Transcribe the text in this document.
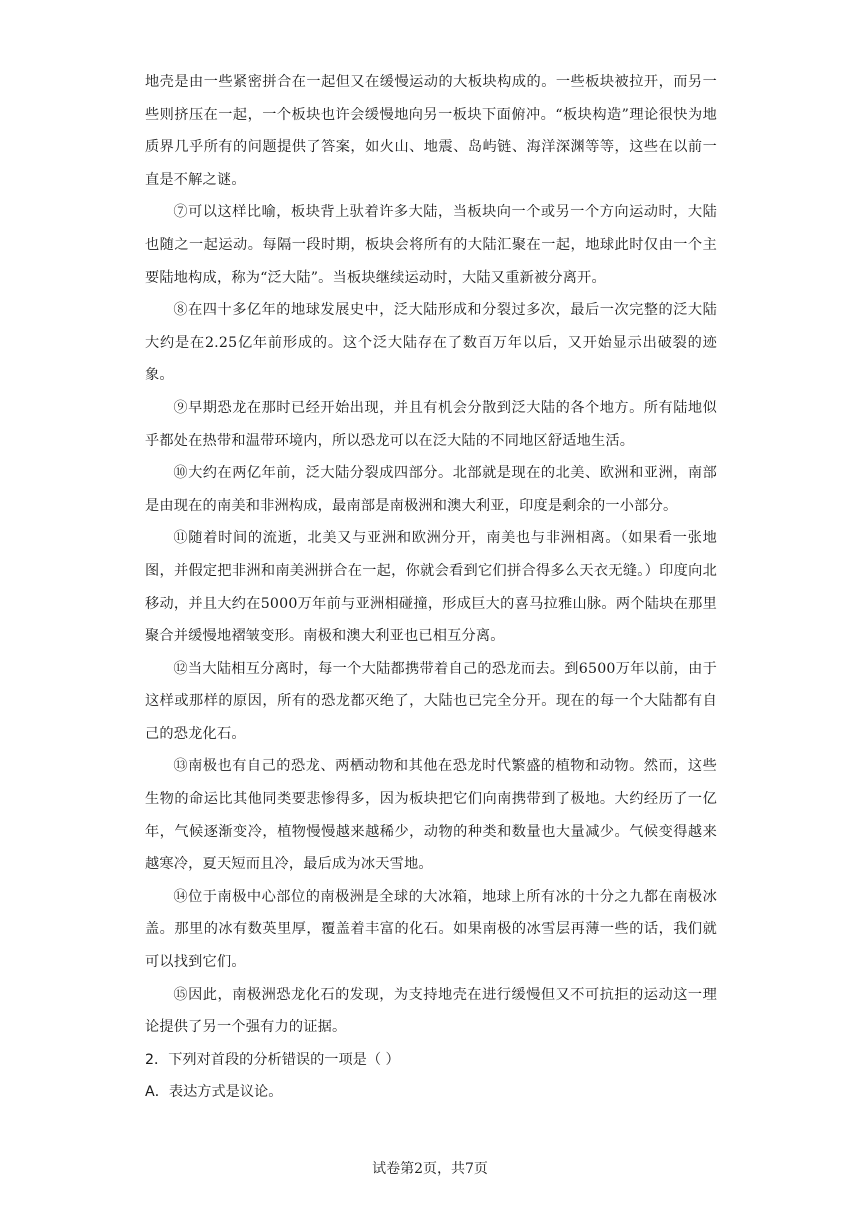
地壳是由一些紧密拼合在一起但又在缓慢运动的大板块构成的。一些板块被拉开，而另一些则挤压在一起，一个板块也许会缓慢地向另一板块下面俯冲。“板块构造”理论很快为地质界几乎所有的问题提供了答案，如火山、地震、岛屿链、海洋深渊等等，这些在以前一直是不解之谜。

⑦可以这样比喻，板块背上驮着许多大陆，当板块向一个或另一个方向运动时，大陆也随之一起运动。每隔一段时期，板块会将所有的大陆汇聚在一起，地球此时仅由一个主要陆地构成，称为“泛大陆”。当板块继续运动时，大陆又重新被分离开。

⑧在四十多亿年的地球发展史中，泛大陆形成和分裂过多次，最后一次完整的泛大陆大约是在2.25亿年前形成的。这个泛大陆存在了数百万年以后，又开始显示出破裂的迹象。

⑨早期恐龙在那时已经开始出现，并且有机会分散到泛大陆的各个地方。所有陆地似乎都处在热带和温带环境内，所以恐龙可以在泛大陆的不同地区舒适地生活。

⑩大约在两亿年前，泛大陆分裂成四部分。北部就是现在的北美、欧洲和亚洲，南部是由现在的南美和非洲构成，最南部是南极洲和澳大利亚，印度是剩余的一小部分。

⑪随着时间的流逝，北美又与亚洲和欧洲分开，南美也与非洲相离。（如果看一张地图，并假定把非洲和南美洲拼合在一起，你就会看到它们拼合得多么天衣无缝。）印度向北移动，并且大约在5000万年前与亚洲相碰撞，形成巨大的喜马拉雅山脉。两个陆块在那里聚合并缓慢地褶皱变形。南极和澳大利亚也已相互分离。

⑫当大陆相互分离时，每一个大陆都携带着自己的恐龙而去。到6500万年以前，由于这样或那样的原因，所有的恐龙都灭绝了，大陆也已完全分开。现在的每一个大陆都有自己的恐龙化石。

⑬南极也有自己的恐龙、两栖动物和其他在恐龙时代繁盛的植物和动物。然而，这些生物的命运比其他同类要悲惨得多，因为板块把它们向南携带到了极地。大约经历了一亿年，气候逐渐变冷，植物慢慢越来越稀少，动物的种类和数量也大量减少。气候变得越来越寒冷，夏天短而且冷，最后成为冰天雪地。

⑭位于南极中心部位的南极洲是全球的大冰箱，地球上所有冰的十分之九都在南极冰盖。那里的冰有数英里厚，覆盖着丰富的化石。如果南极的冰雪层再薄一些的话，我们就可以找到它们。

⑮因此，南极洲恐龙化石的发现，为支持地壳在进行缓慢但又不可抗拒的运动这一理论提供了另一个强有力的证据。

2．下列对首段的分析错误的一项是（ ）

A．表达方式是议论。

试卷第2页，共7页
